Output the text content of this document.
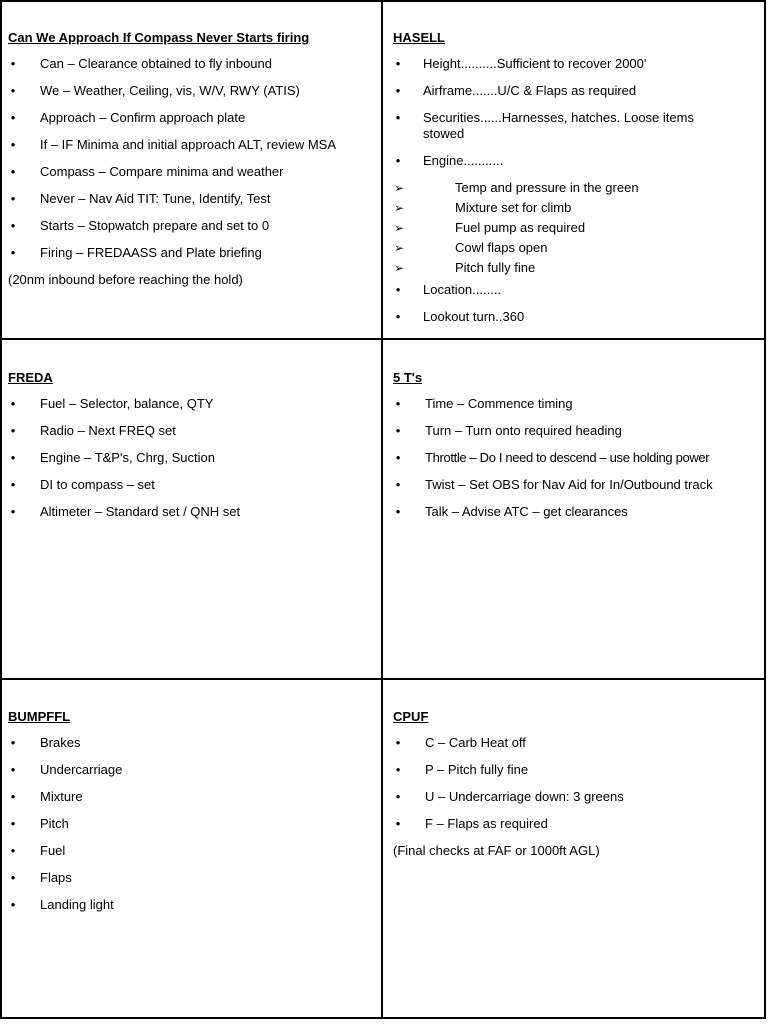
Can We Approach If Compass Never Starts firing
• Can – Clearance obtained to fly inbound
• We – Weather, Ceiling, vis, W/V, RWY (ATIS)
• Approach – Confirm approach plate
• If – IF Minima and initial approach ALT, review MSA
• Compass – Compare minima and weather
• Never – Nav Aid TIT: Tune, Identify, Test
• Starts – Stopwatch prepare and set to 0
• Firing – FREDAASS and Plate briefing

(20nm inbound before reaching the hold)

HASELL
• Height..........Sufficient to recover 2000'
• Airframe.......U/C & Flaps as required
• Securities......Harnesses, hatches. Loose items stowed
• Engine...........
➢	Temp and pressure in the green
➢	Mixture set for climb
➢	Fuel pump as required
➢	Cowl flaps open
➢	Pitch fully fine
• Location........
• Lookout turn..360
FREDA
• Fuel – Selector, balance, QTY
• Radio – Next FREQ set
• Engine – T&P's, Chrg, Suction
• DI to compass – set
• Altimeter – Standard set / QNH set
5 T's
• Time – Commence timing
• Turn – Turn onto required heading
• Throttle – Do I need to descend – use holding power
• Twist – Set OBS for Nav Aid for In/Outbound track
• Talk – Advise ATC – get clearances
BUMPFFL
• Brakes
• Undercarriage
• Mixture
• Pitch
• Fuel
• Flaps
• Landing light
CPUF
• C – Carb Heat off
• P – Pitch fully fine
• U – Undercarriage down: 3 greens
• F – Flaps as required

(Final checks at FAF or 1000ft AGL)
